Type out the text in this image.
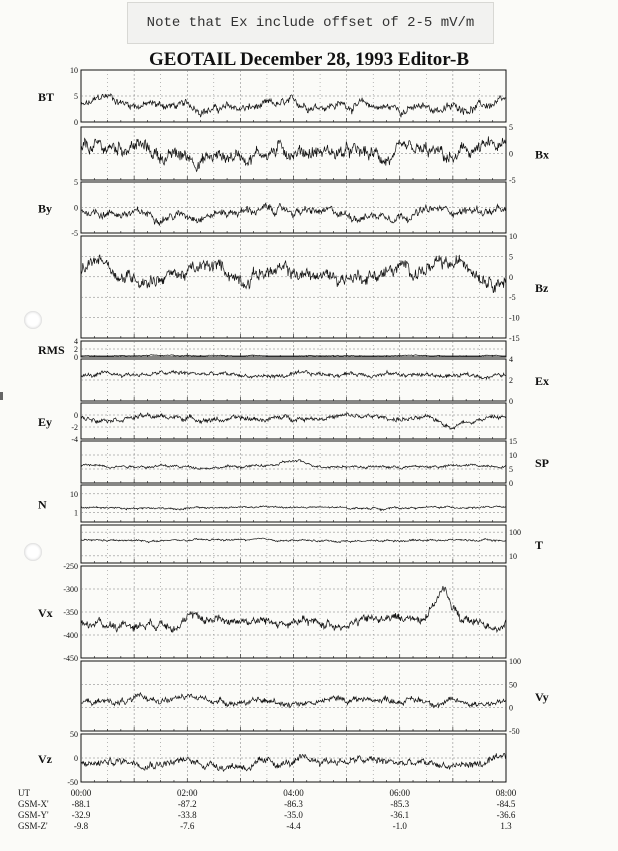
Note that Ex include offset of 2-5 mV/m
GEOTAIL December 28, 1993 Editor-B
10
5
0
BT
5
0
-5
Bx
5
0
-5
By
10
5
0
-5
-10
-15
Bz
4
2
0
RMS
4
2
0
Ex
0
-2
-4
Ey
15
10
5
0
SP
10
1
N
100
10
T
-250
-300
-350
-400
-450
Vx
100
50
0
-50
Vy
50
0
-50
Vz
UT
GSM-X'
GSM-Y'
GSM-Z'
00:00
-88.1
-32.9
-9.8
02:00
-87.2
-33.8
-7.6
04:00
-86.3
-35.0
-4.4
06:00
-85.3
-36.1
-1.0
08:00
-84.5
-36.6
1.3
